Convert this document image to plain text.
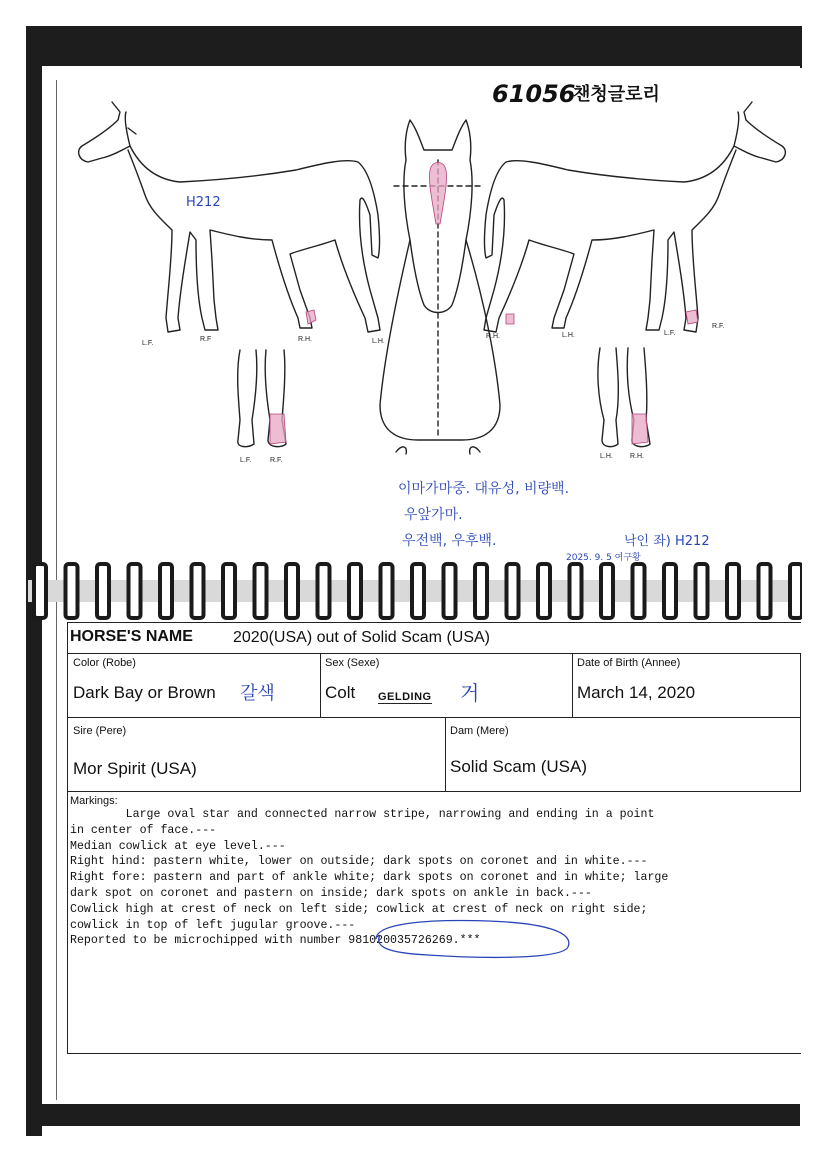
61056
챈청글로리
H212
L.F.
R.F	R.H.	L.H.
R.H.	L.H.	L.F.
R.F.
L.F.	R.F.
L.H. R.H.
이마가마중. 대유성, 비량백.
우앞가마.
우전백, 우후백.	낙인 좌) H212
2025. 9. 5 여구황
HORSE'S NAME	2020(USA) out of Solid Scam (USA)
Color (Robe)
Dark Bay or Brown 갈색
Sex (Sexe)
Colt GELDING 거
Date of Birth (Annee)
March 14, 2020
Sire (Pere)
Mor Spirit (USA)
Dam (Mere)
Solid Scam (USA)
Markings:
Large oval star and connected narrow stripe, narrowing and ending in a point
in center of face.---
Median cowlick at eye level.---
Right hind: pastern white, lower on outside; dark spots on coronet and in white.---
Right fore: pastern and part of ankle white; dark spots on coronet and in white; large
dark spot on coronet and pastern on inside; dark spots on ankle in back.---
Cowlick high at crest of neck on left side; cowlick at crest of neck on right side;
cowlick in top of left jugular groove.---
Reported to be microchipped with number 981020035726269.***
